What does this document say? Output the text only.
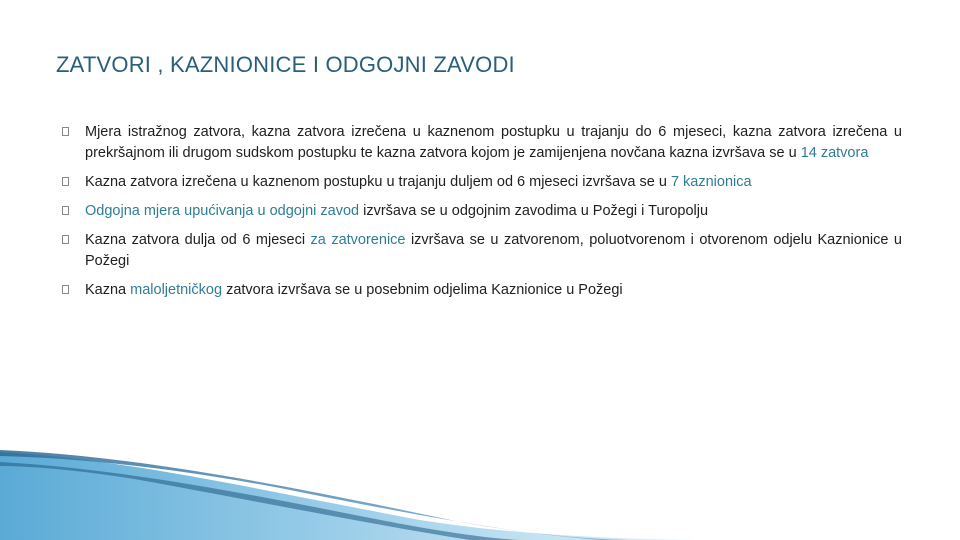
ZATVORI , KAZNIONICE I ODGOJNI ZAVODI
Mjera istražnog zatvora, kazna zatvora izrečena u kaznenom postupku u trajanju do 6 mjeseci, kazna zatvora izrečena u prekršajnom ili drugom sudskom postupku te kazna zatvora kojom je zamijenjena novčana kazna izvršava se u 14 zatvora
Kazna zatvora izrečena u kaznenom postupku u trajanju duljem od 6 mjeseci izvršava se u 7 kaznionica
Odgojna mjera upućivanja u odgojni zavod izvršava se u odgojnim zavodima u Požegi i Turopolju
Kazna zatvora dulja od 6 mjeseci za zatvorenice izvršava se u zatvorenom, poluotvorenom i otvorenom odjelu Kaznionice u Požegi
Kazna maloljetničkog zatvora izvršava se u posebnim odjelima Kaznionice u Požegi
